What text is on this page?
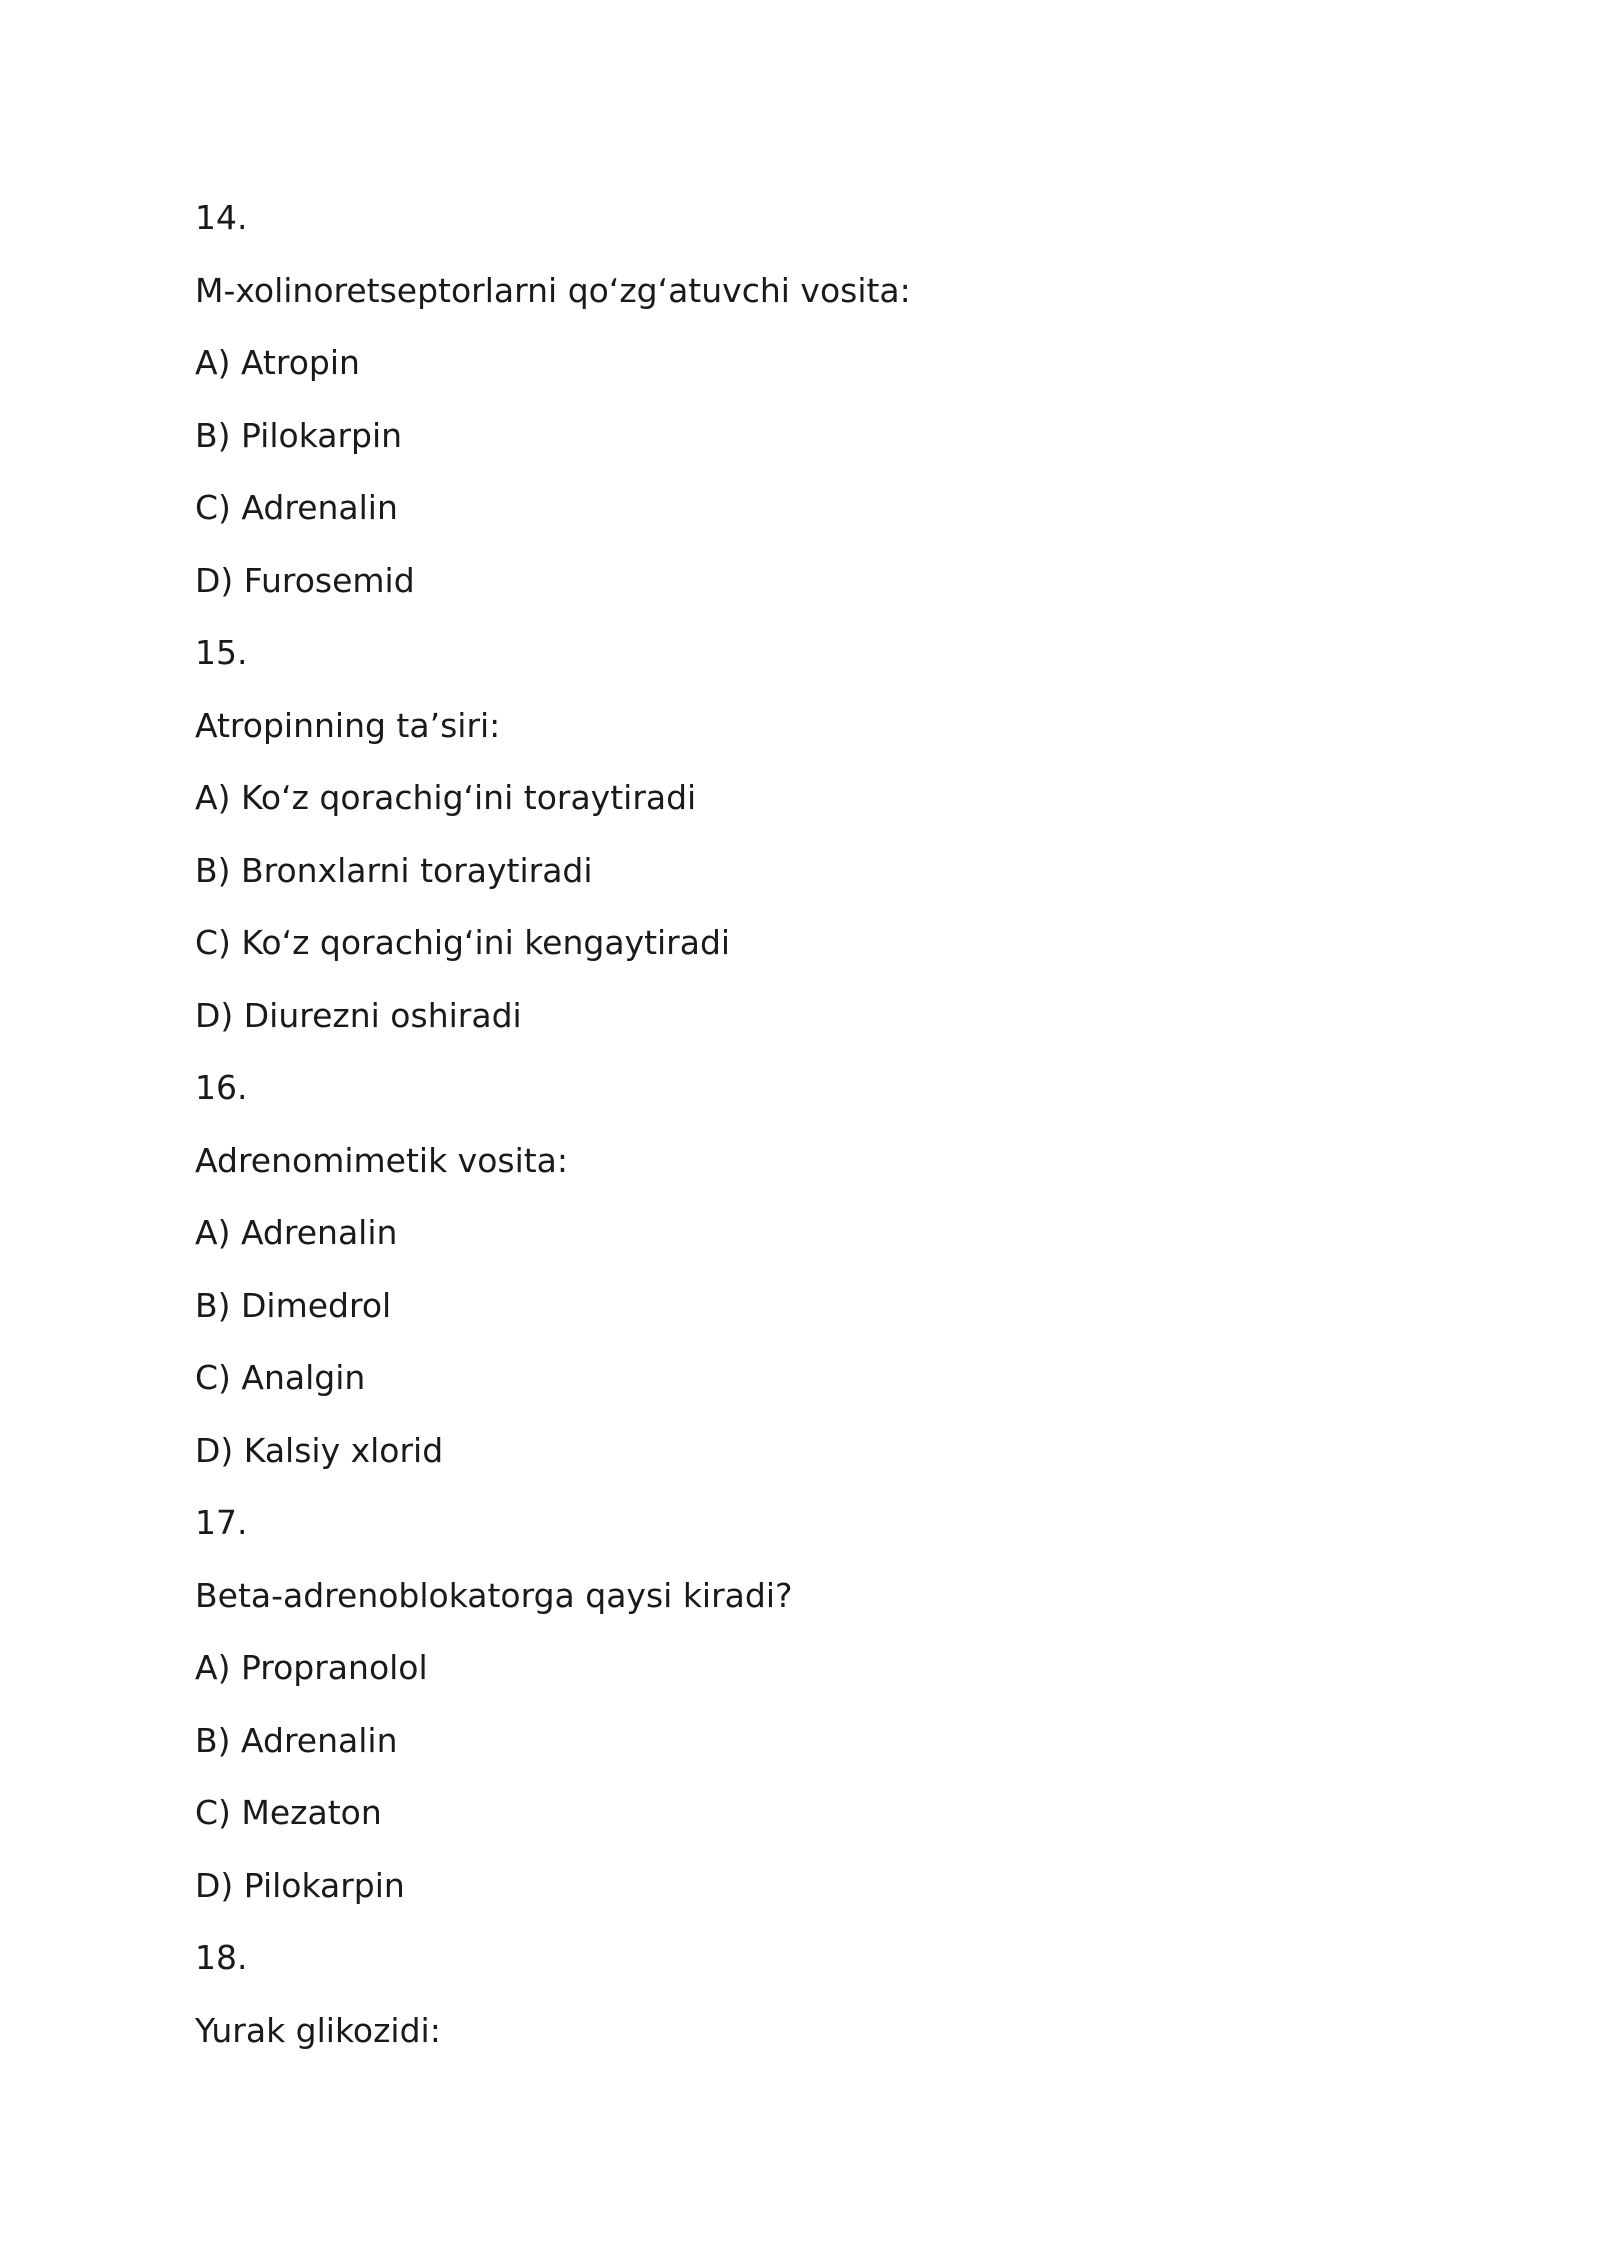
14.
M-xolinoretseptorlarni qo‘zg‘atuvchi vosita:
A) Atropin
B) Pilokarpin
C) Adrenalin
D) Furosemid
15.
Atropinning ta’siri:
A) Ko‘z qorachig‘ini toraytiradi
B) Bronxlarni toraytiradi
C) Ko‘z qorachig‘ini kengaytiradi
D) Diurezni oshiradi
16.
Adrenomimetik vosita:
A) Adrenalin
B) Dimedrol
C) Analgin
D) Kalsiy xlorid
17.
Beta-adrenoblokatorga qaysi kiradi?
A) Propranolol
B) Adrenalin
C) Mezaton
D) Pilokarpin
18.
Yurak glikozidi:
